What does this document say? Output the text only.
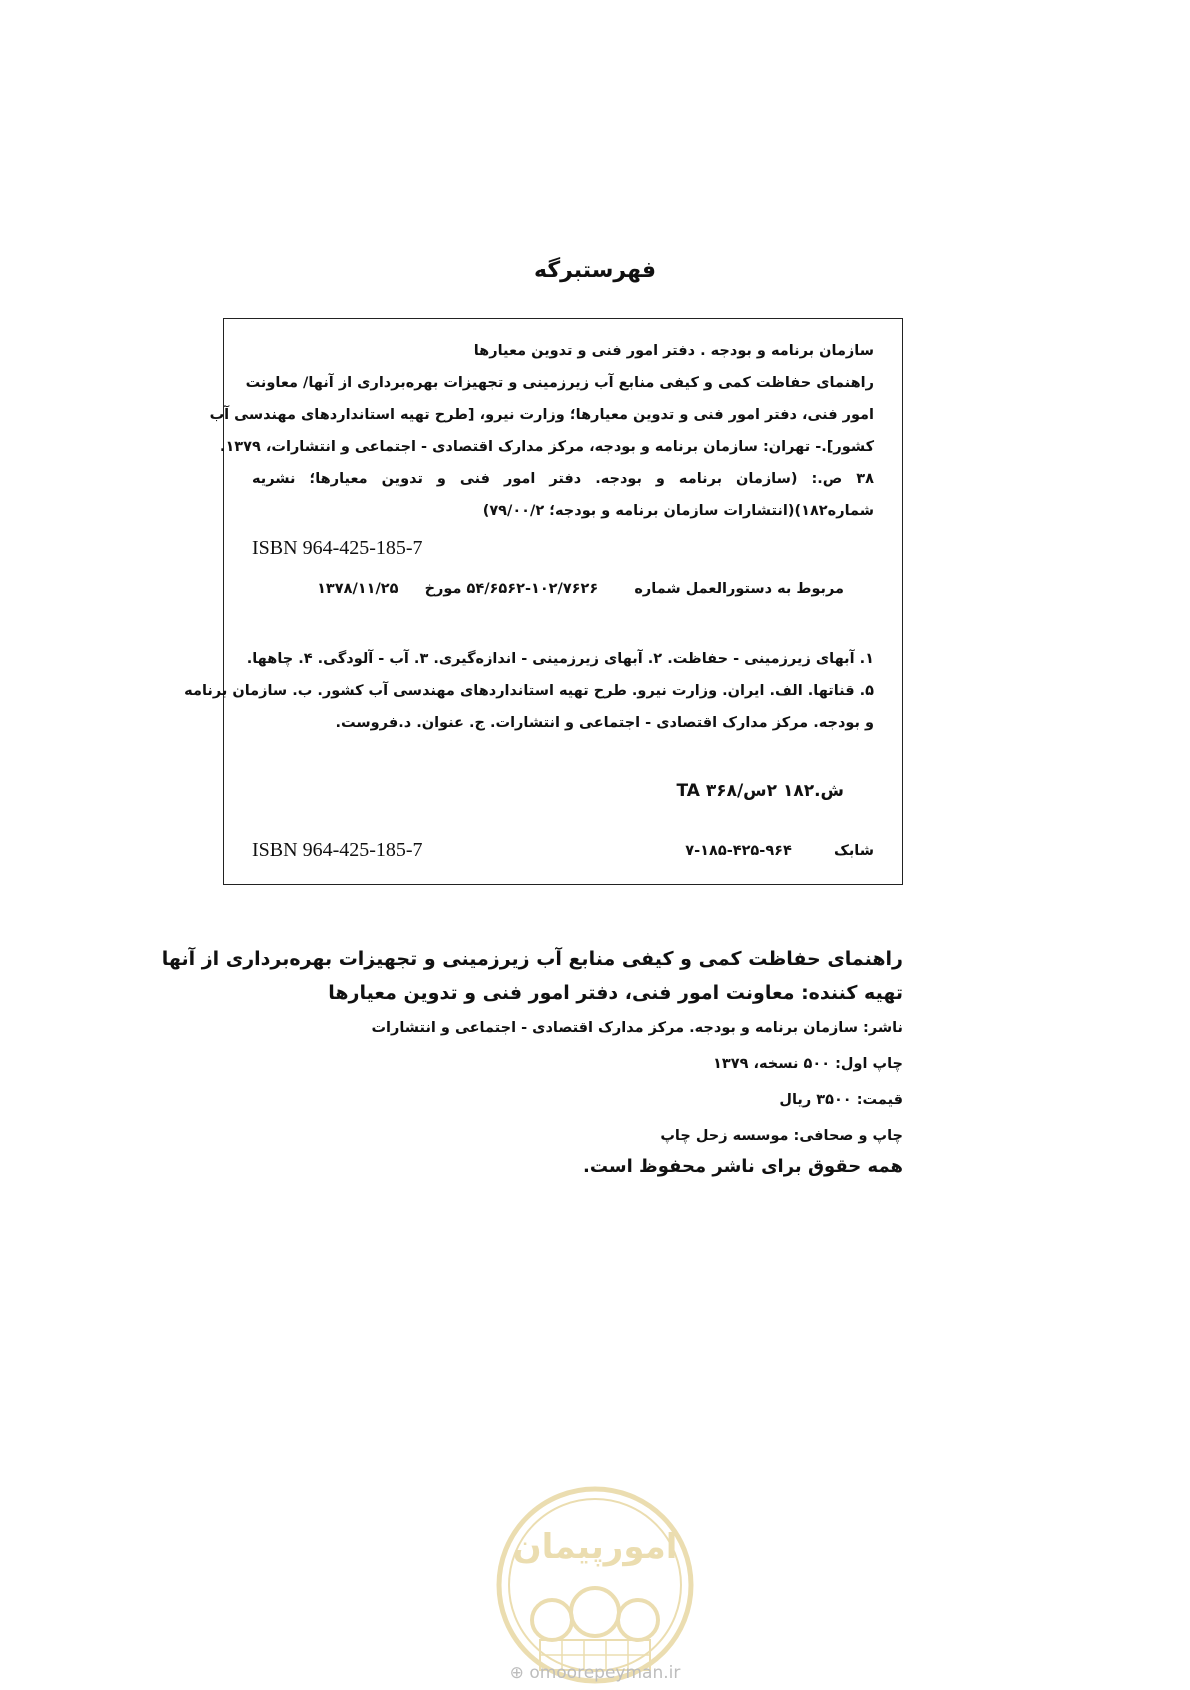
فهرستبرگه
سازمان برنامه و بودجه . دفتر امور فنی و تدوین معیارها
راهنمای حفاظت کمی و کیفی منابع آب زیرزمینی و تجهیزات بهره‌برداری از آنها/ معاونت
امور فنی، دفتر امور فنی و تدوین معیارها؛ وزارت نیرو، [طرح تهیه استانداردهای مهندسی آب
کشور].- تهران: سازمان برنامه و بودجه، مرکز مدارک اقتصادی - اجتماعی و انتشارات، ۱۳۷۹.
۳۸ ص.: (سازمان برنامه و بودجه. دفتر امور فنی و تدوین معیارها؛ نشریه
شماره۱۸۲)(انتشارات سازمان برنامه و بودجه؛ ۷۹/۰۰/۲)
ISBN 964-425-185-7
مربوط به دستورالعمل شماره  ۱۰۲/۷۶۲۶-۵۴/۶۵۶۲ مورخ  ۱۳۷۸/۱۱/۲۵
۱. آبهای زیرزمینی - حفاظت. ۲. آبهای زیرزمینی - اندازه‌گیری. ۳. آب - آلودگی. ۴. چاهها.
۵. قناتها. الف. ایران. وزارت نیرو. طرح تهیه استانداردهای مهندسی آب کشور. ب. سازمان برنامه
و بودجه. مرکز مدارک اقتصادی - اجتماعی و انتشارات. ج. عنوان. د.فروست.
ش.۱۸۲ ۲س/۳۶۸ TA
ISBN 964-425-185-7	شابک  ۹۶۴-۴۲۵-۱۸۵-۷
راهنمای حفاظت کمی و کیفی منابع آب زیرزمینی و تجهیزات بهره‌برداری از آنها
تهیه کننده: معاونت امور فنی، دفتر امور فنی و تدوین معیارها
ناشر: سازمان برنامه و بودجه. مرکز مدارک اقتصادی - اجتماعی و انتشارات
چاپ اول: ۵۰۰ نسخه، ۱۳۷۹
قیمت: ۳۵۰۰ ریال
چاپ و صحافی: موسسه زحل چاپ
همه حقوق برای ناشر محفوظ است.
امورپیمان
⊕ omoorepeyman.ir
